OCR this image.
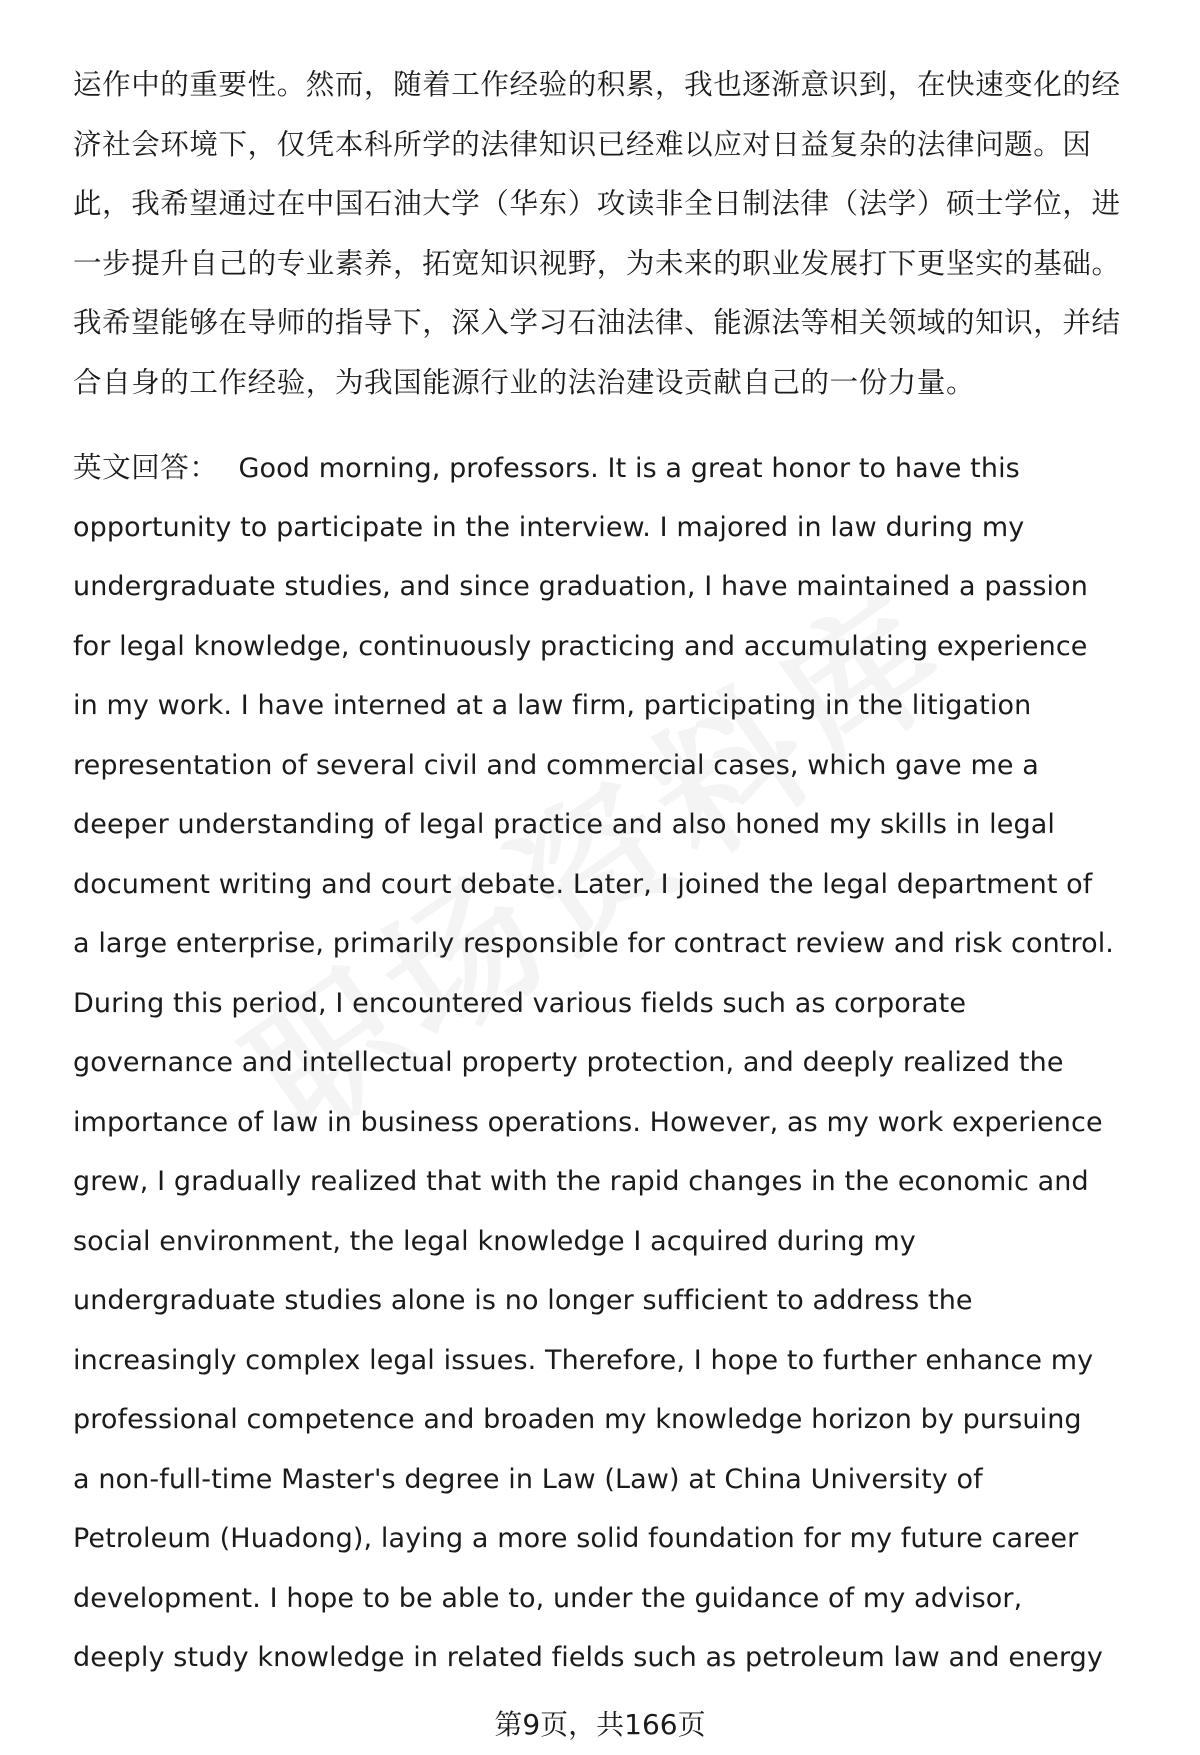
运作中的重要性。然而，随着工作经验的积累，我也逐渐意识到，在快速变化的经
济社会环境下，仅凭本科所学的法律知识已经难以应对日益复杂的法律问题。因
此，我希望通过在中国石油大学（华东）攻读非全日制法律（法学）硕士学位，进
一步提升自己的专业素养，拓宽知识视野，为未来的职业发展打下更坚实的基础。
我希望能够在导师的指导下，深入学习石油法律、能源法等相关领域的知识，并结
合自身的工作经验，为我国能源行业的法治建设贡献自己的一份力量。
英文回答： Good morning, professors. It is a great honor to have this
opportunity to participate in the interview. I majored in law during my
undergraduate studies, and since graduation, I have maintained a passion
for legal knowledge, continuously practicing and accumulating experience
in my work. I have interned at a law firm, participating in the litigation
representation of several civil and commercial cases, which gave me a
deeper understanding of legal practice and also honed my skills in legal
document writing and court debate. Later, I joined the legal department of
a large enterprise, primarily responsible for contract review and risk control.
During this period, I encountered various fields such as corporate
governance and intellectual property protection, and deeply realized the
importance of law in business operations. However, as my work experience
grew, I gradually realized that with the rapid changes in the economic and
social environment, the legal knowledge I acquired during my
undergraduate studies alone is no longer sufficient to address the
increasingly complex legal issues. Therefore, I hope to further enhance my
professional competence and broaden my knowledge horizon by pursuing
a non-full-time Master's degree in Law (Law) at China University of
Petroleum (Huadong), laying a more solid foundation for my future career
development. I hope to be able to, under the guidance of my advisor,
deeply study knowledge in related fields such as petroleum law and energy
第9页，共166页
